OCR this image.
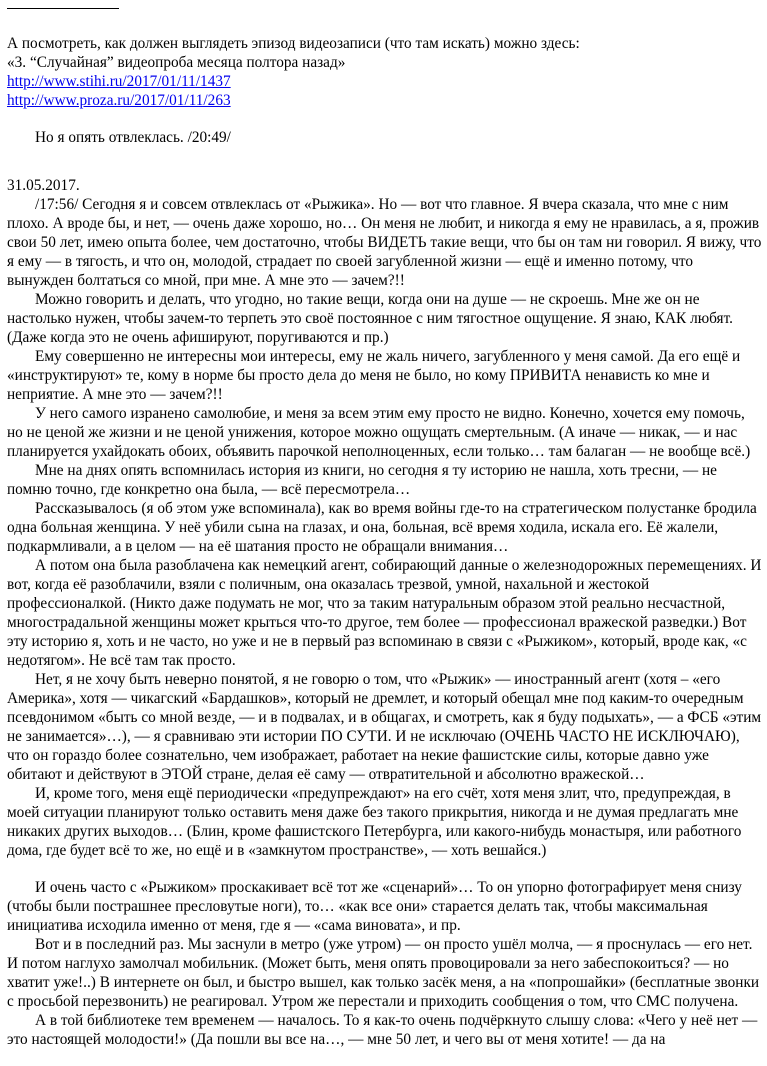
А посмотреть, как должен выглядеть эпизод видеозаписи (что там искать) можно здесь:

«3. “Случайная” видеопроба месяца полтора назад»

http://www.stihi.ru/2017/01/11/1437

http://www.proza.ru/2017/01/11/263

Но я опять отвлеклась. /20:49/

31.05.2017.

/17:56/ Сегодня я и совсем отвлеклась от «Рыжика». Но — вот что главное. Я вчера сказала, что мне с ним плохо. А вроде бы, и нет, — очень даже хорошо, но… Он меня не любит, и никогда я ему не нравилась, а я, прожив свои 50 лет, имею опыта более, чем достаточно, чтобы ВИДЕТЬ такие вещи, что бы он там ни говорил. Я вижу, что я ему — в тягость, и что он, молодой, страдает по своей загубленной жизни — ещё и именно потому, что вынужден болтаться со мной, при мне. А мне это — зачем?!!

Можно говорить и делать, что угодно, но такие вещи, когда они на душе — не скроешь. Мне же он не настолько нужен, чтобы зачем-то терпеть это своё постоянное с ним тягостное ощущение. Я знаю, КАК любят. (Даже когда это не очень афишируют, поругиваются и пр.)

Ему совершенно не интересны мои интересы, ему не жаль ничего, загубленного у меня самой. Да его ещё и «инструктируют» те, кому в норме бы просто дела до меня не было, но кому ПРИВИТА ненависть ко мне и неприятие. А мне это — зачем?!!

У него самого изранено самолюбие, и меня за всем этим ему просто не видно. Конечно, хочется ему помочь, но не ценой же жизни и не ценой унижения, которое можно ощущать смертельным. (А иначе — никак, — и нас планируется ухайдокать обоих, объявить парочкой неполноценных, если только… там балаган — не вообще всё.)

Мне на днях опять вспомнилась история из книги, но сегодня я ту историю не нашла, хоть тресни, — не помню точно, где конкретно она была, — всё пересмотрела…

Рассказывалось (я об этом уже вспоминала), как во время войны где-то на стратегическом полустанке бродила одна больная женщина. У неё убили сына на глазах, и она, больная, всё время ходила, искала его. Её жалели, подкармливали, а в целом — на её шатания просто не обращали внимания…

А потом она была разоблачена как немецкий агент, собирающий данные о железнодорожных перемещениях. И вот, когда её разоблачили, взяли с поличным, она оказалась трезвой, умной, нахальной и жестокой профессионалкой. (Никто даже подумать не мог, что за таким натуральным образом этой реально несчастной, многострадальной женщины может крыться что-то другое, тем более — профессионал вражеской разведки.) Вот эту историю я, хоть и не часто, но уже и не в первый раз вспоминаю в связи с «Рыжиком», который, вроде как, «с недотягом». Не всё там так просто.

Нет, я не хочу быть неверно понятой, я не говорю о том, что «Рыжик» — иностранный агент (хотя – «его Америка», хотя — чикагский «Бардашков», который не дремлет, и который обещал мне под каким-то очередным псевдонимом «быть со мной везде, — и в подвалах, и в общагах, и смотреть, как я буду подыхать», — а ФСБ «этим не занимается»…), — я сравниваю эти истории ПО СУТИ. И не исключаю (ОЧЕНЬ ЧАСТО НЕ ИСКЛЮЧАЮ), что он гораздо более сознательно, чем изображает, работает на некие фашистские силы, которые давно уже обитают и действуют в ЭТОЙ стране, делая её саму — отвратительной и абсолютно вражеской…

И, кроме того, меня ещё периодически «предупреждают» на его счёт, хотя меня злит, что, предупреждая, в моей ситуации планируют только оставить меня даже без такого прикрытия, никогда и не думая предлагать мне никаких других выходов… (Блин, кроме фашистского Петербурга, или какого-нибудь монастыря, или работного дома, где будет всё то же, но ещё и в «замкнутом пространстве», — хоть вешайся.)

И очень часто с «Рыжиком» проскакивает всё тот же «сценарий»… То он упорно фотографирует меня снизу (чтобы были пострашнее пресловутые ноги), то… «как все они» старается делать так, чтобы максимальная инициатива исходила именно от меня, где я — «сама виновата», и пр.

Вот и в последний раз. Мы заснули в метро (уже утром) — он просто ушёл молча, — я проснулась — его нет. И потом наглухо замолчал мобильник. (Может быть, меня опять провоцировали за него забеспокоиться? — но хватит уже!..) В интернете он был, и быстро вышел, как только засёк меня, а на «попрошайки» (бесплатные звонки с просьбой перезвонить) не реагировал. Утром же перестали и приходить сообщения о том, что СМС получена.

А в той библиотеке тем временем — началось. То я как-то очень подчёркнуто слышу слова: «Чего у неё нет — это настоящей молодости!» (Да пошли вы все на…, — мне 50 лет, и чего вы от меня хотите! — да на
